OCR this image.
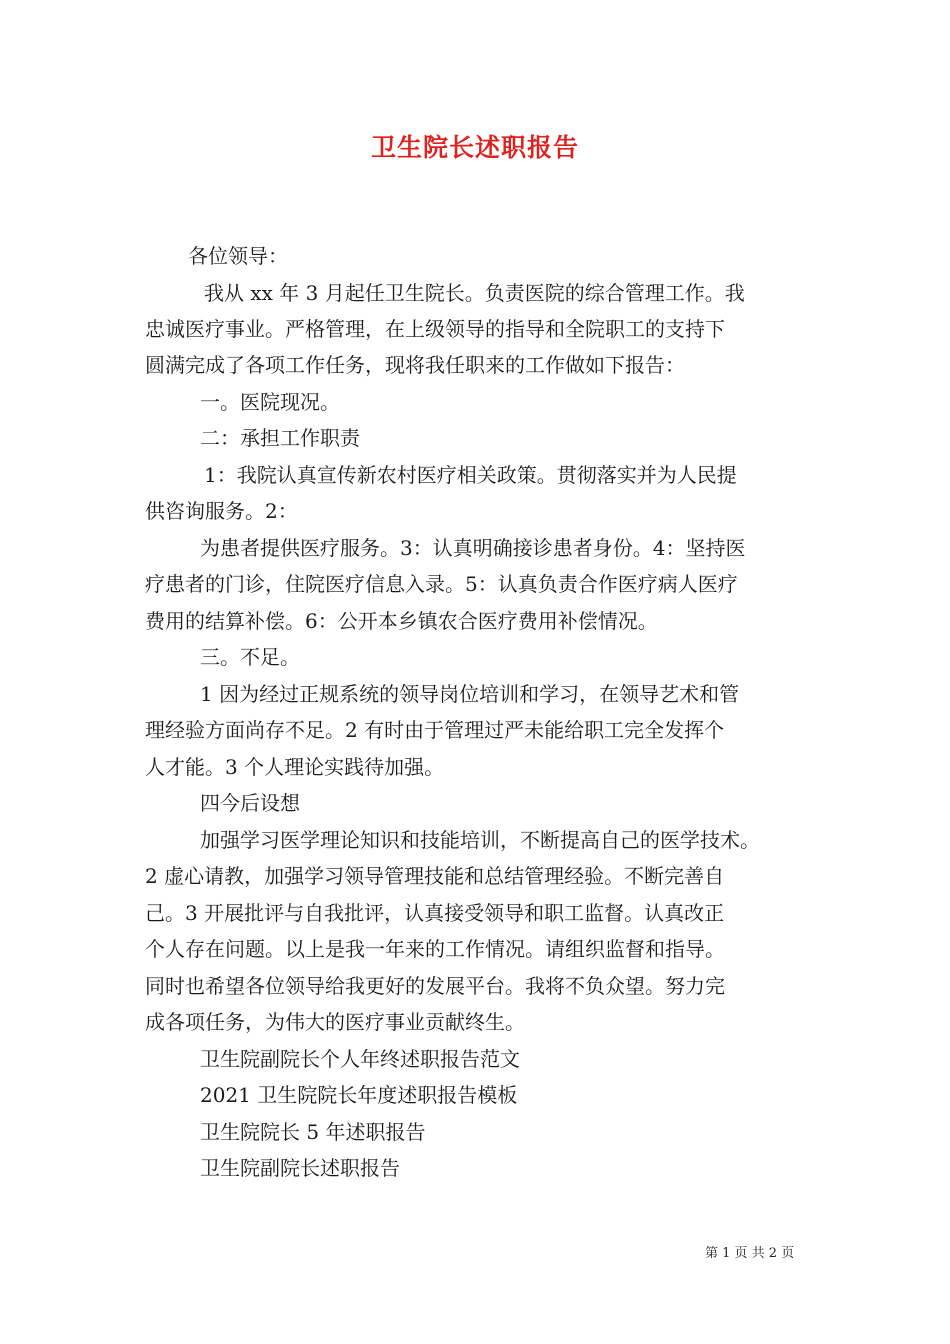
卫生院长述职报告

各位领导：

我从 xx 年 3 月起任卫生院长。负责医院的综合管理工作。我

忠诚医疗事业。严格管理，在上级领导的指导和全院职工的支持下

圆满完成了各项工作任务，现将我任职来的工作做如下报告：

一。医院现况。

二：承担工作职责

1：我院认真宣传新农村医疗相关政策。贯彻落实并为人民提

供咨询服务。2：

为患者提供医疗服务。3：认真明确接诊患者身份。4：坚持医

疗患者的门诊，住院医疗信息入录。5：认真负责合作医疗病人医疗

费用的结算补偿。6：公开本乡镇农合医疗费用补偿情况。

三。不足。

1 因为经过正规系统的领导岗位培训和学习，在领导艺术和管

理经验方面尚存不足。2 有时由于管理过严未能给职工完全发挥个

人才能。3 个人理论实践待加强。

四今后设想

加强学习医学理论知识和技能培训，不断提高自己的医学技术。

2 虚心请教，加强学习领导管理技能和总结管理经验。不断完善自

己。3 开展批评与自我批评，认真接受领导和职工监督。认真改正

个人存在问题。以上是我一年来的工作情况。请组织监督和指导。

同时也希望各位领导给我更好的发展平台。我将不负众望。努力完

成各项任务，为伟大的医疗事业贡献终生。

卫生院副院长个人年终述职报告范文

2021 卫生院院长年度述职报告模板

卫生院院长 5 年述职报告

卫生院副院长述职报告

第 1 页 共 2 页
